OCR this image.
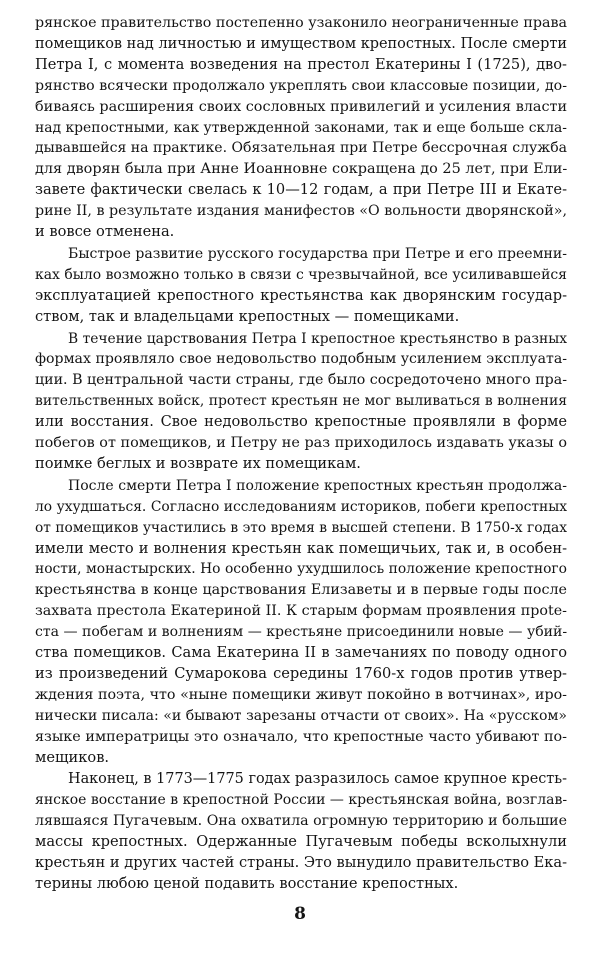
рянское правительство постепенно узаконило неограниченные права
помещиков над личностью и имуществом крепостных. После смерти
Петра I, с момента возведения на престол Екатерины I (1725), дво-
рянство всячески продолжало укреплять свои классовые позиции, до-
биваясь расширения своих сословных привилегий и усиления власти
над крепостными, как утвержденной законами, так и еще больше скла-
дывавшейся на практике. Обязательная при Петре бессрочная служба
для дворян была при Анне Иоанновне сокращена до 25 лет, при Ели-
завете фактически свелась к 10—12 годам, а при Петре III и Екате-
рине II, в результате издания манифестов «О вольности дворянской»,
и вовсе отменена.
Быстрое развитие русского государства при Петре и его преемни-
ках было возможно только в связи с чрезвычайной, все усиливавшейся
эксплуатацией крепостного крестьянства как дворянским государ-
ством, так и владельцами крепостных — помещиками.
В течение царствования Петра I крепостное крестьянство в разных
формах проявляло свое недовольство подобным усилением эксплуата-
ции. В центральной части страны, где было сосредоточено много пра-
вительственных войск, протест крестьян не мог выливаться в волнения
или восстания. Свое недовольство крепостные проявляли в форме
побегов от помещиков, и Петру не раз приходилось издавать указы о
поимке беглых и возврате их помещикам.
После смерти Петра I положение крепостных крестьян продолжа-
ло ухудшаться. Согласно исследованиям историков, побеги крепостных
от помещиков участились в это время в высшей степени. В 1750-х годах
имели место и волнения крестьян как помещичьих, так и, в особен-
ности, монастырских. Но особенно ухудшилось положение крепостного
крестьянства в конце царствования Елизаветы и в первые годы после
захвата престола Екатериной II. К старым формам проявления прote-
ста — побегам и волнениям — крестьяне присоединили новые — убий-
ства помещиков. Сама Екатерина II в замечаниях по поводу одного
из произведений Сумарокова середины 1760-х годов против утвер-
ждения поэта, что «ныне помещики живут покойно в вотчинах», иро-
нически писала: «и бывают зарезаны отчасти от своих». На «русском»
языке императрицы это означало, что крепостные часто убивают по-
мещиков.
Наконец, в 1773—1775 годах разразилось самое крупное кресть-
янское восстание в крепостной России — крестьянская война, возглав-
лявшаяся Пугачевым. Она охватила огромную территорию и большие
массы крепостных. Одержанные Пугачевым победы всколыхнули
крестьян и других частей страны. Это вынудило правительство Ека-
терины любою ценой подавить восстание крепостных.
8
